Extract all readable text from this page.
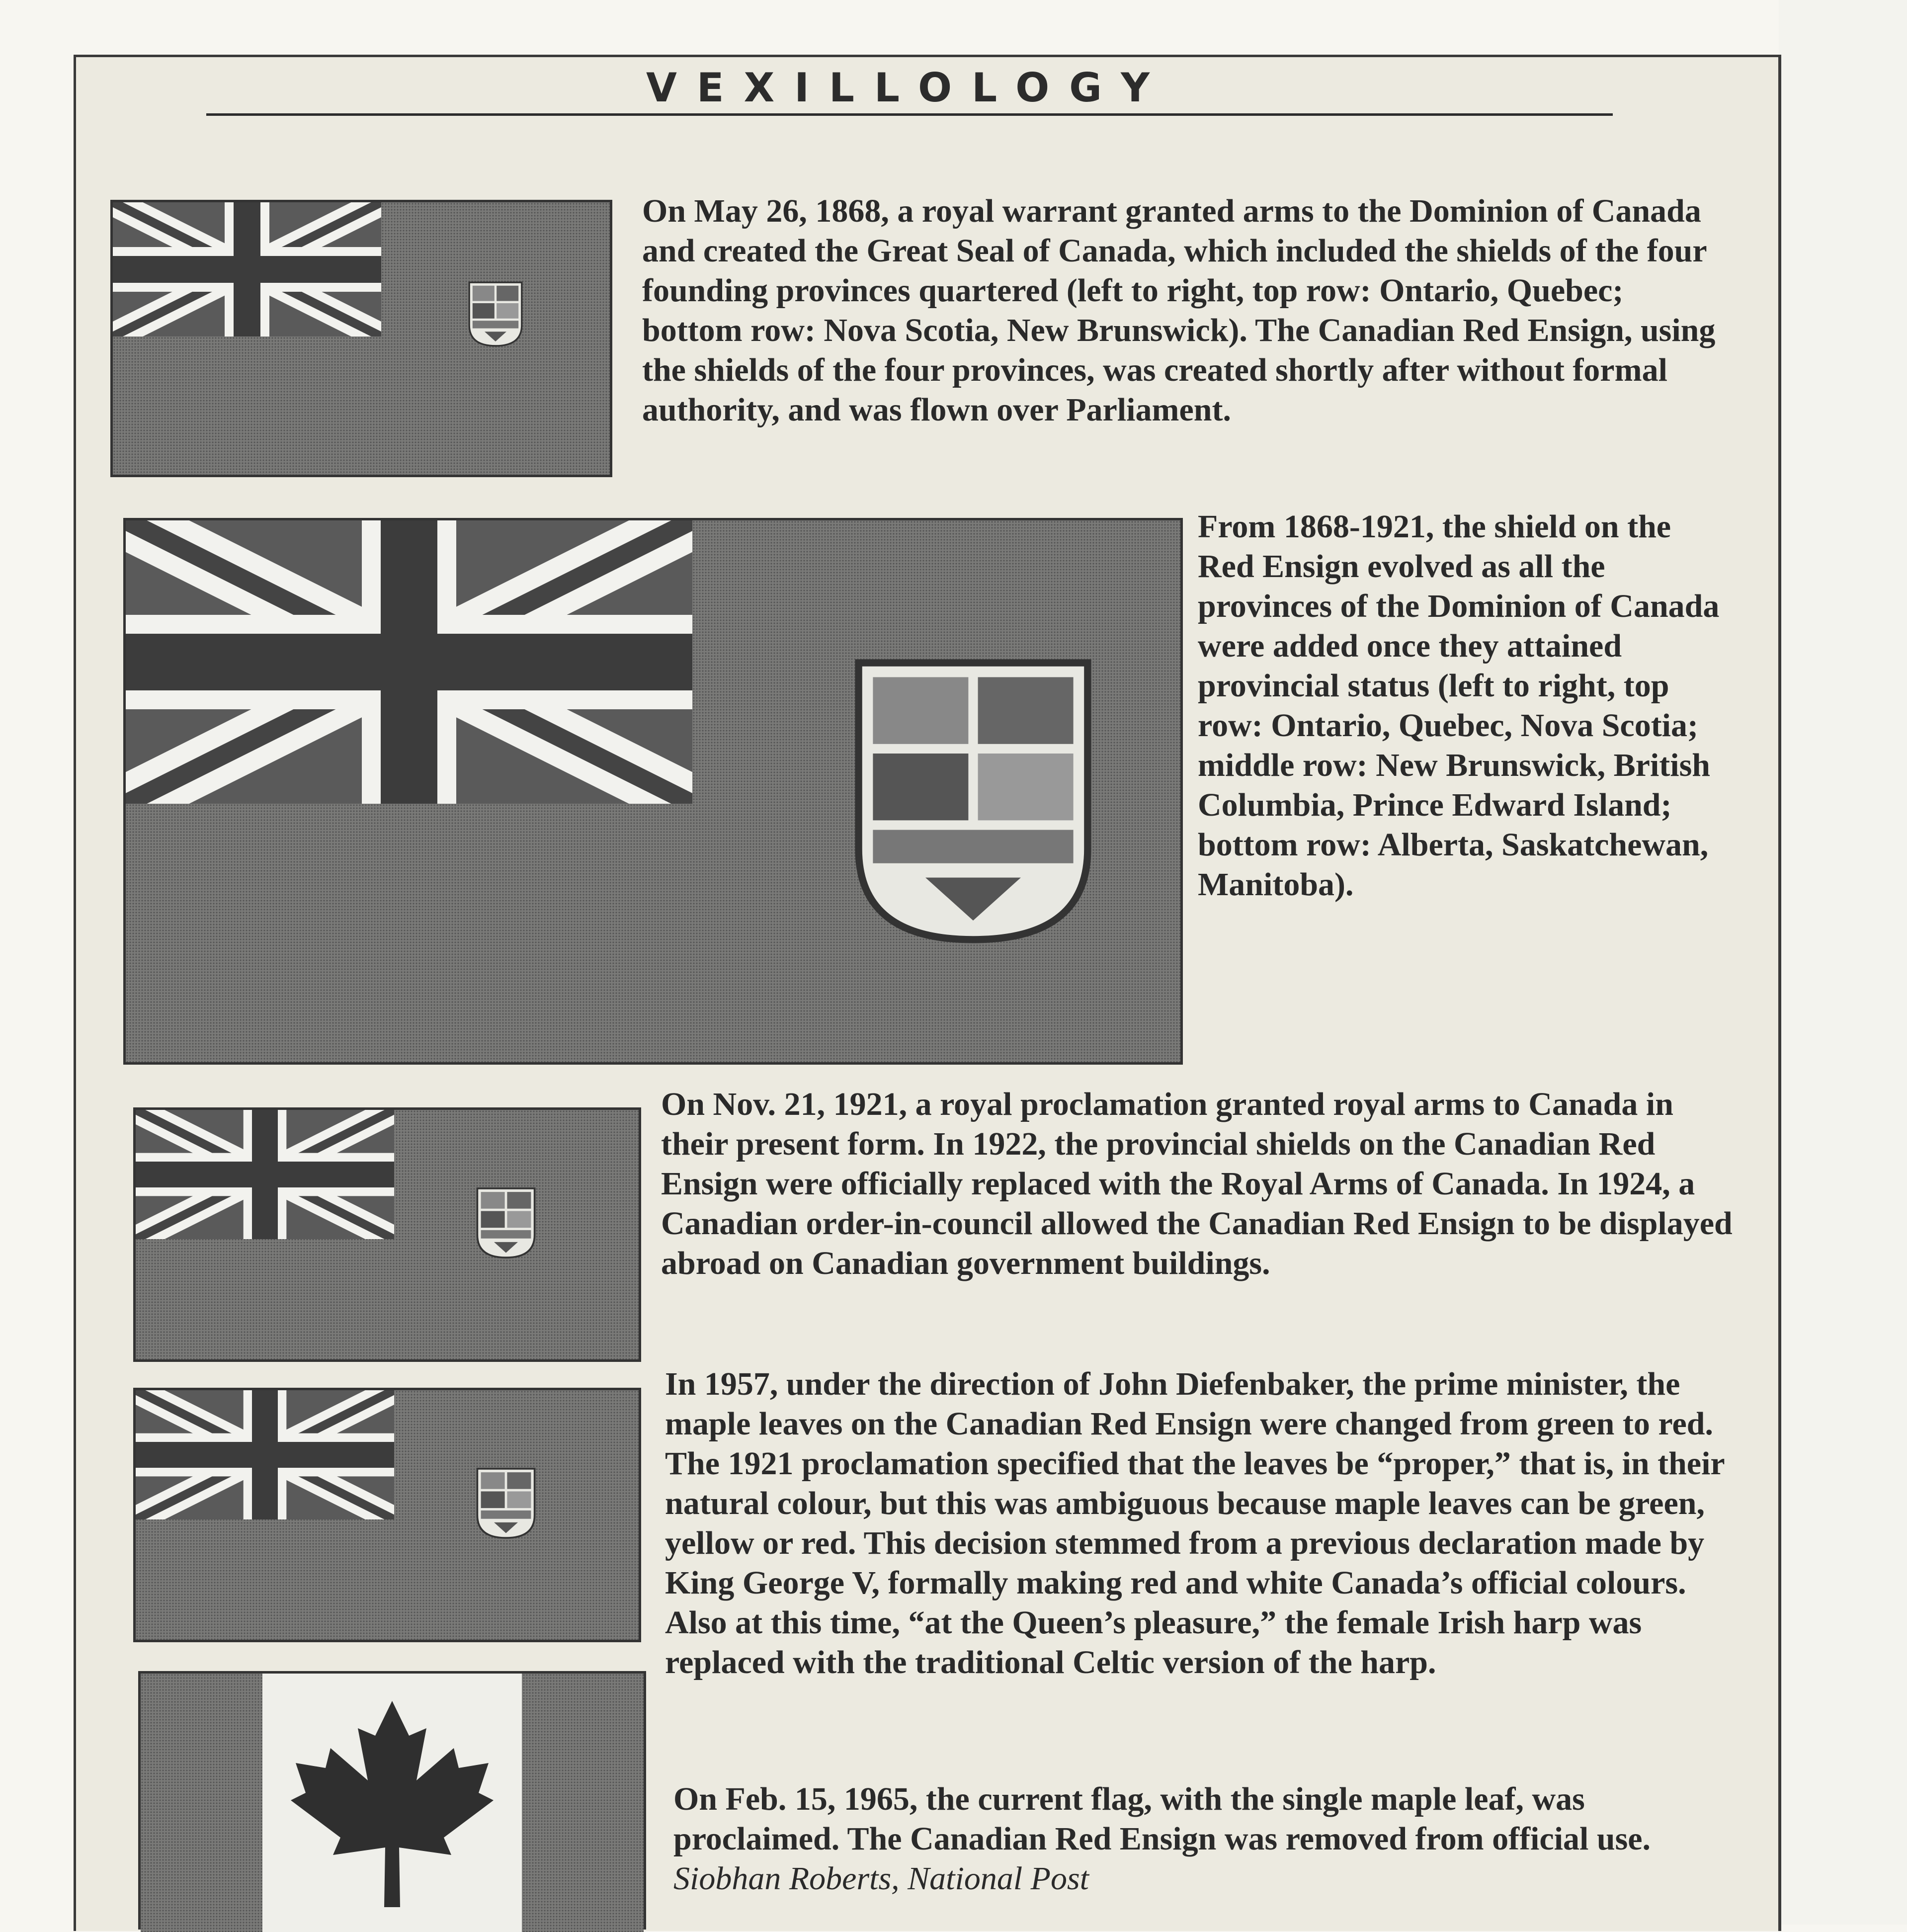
VEXILLOLOGY

On May 26, 1868, a royal warrant granted arms to the Dominion of Canada and created the Great Seal of Canada, which included the shields of the four founding provinces quartered (left to right, top row: Ontario, Quebec; bottom row: Nova Scotia, New Brunswick). The Canadian Red Ensign, using the shields of the four provinces, was created shortly after without formal authority, and was flown over Parliament.

From 1868-1921, the shield on the Red Ensign evolved as all the provinces of the Dominion of Canada were added once they attained provincial status (left to right, top row: Ontario, Quebec, Nova Scotia; middle row: New Brunswick, British Columbia, Prince Edward Island; bottom row: Alberta, Saskatchewan, Manitoba).

On Nov. 21, 1921, a royal proclamation granted royal arms to Canada in their present form. In 1922, the provincial shields on the Canadian Red Ensign were officially replaced with the Royal Arms of Canada. In 1924, a Canadian order-in-council allowed the Canadian Red Ensign to be displayed abroad on Canadian government buildings.

In 1957, under the direction of John Diefenbaker, the prime minister, the maple leaves on the Canadian Red Ensign were changed from green to red. The 1921 proclamation specified that the leaves be “proper,” that is, in their natural colour, but this was ambiguous because maple leaves can be green, yellow or red. This decision stemmed from a previous declaration made by King George V, formally making red and white Canada’s official colours. Also at this time, “at the Queen’s pleasure,” the female Irish harp was replaced with the traditional Celtic version of the harp.

On Feb. 15, 1965, the current flag, with the single maple leaf, was proclaimed. The Canadian Red Ensign was removed from official use. Siobhan Roberts, National Post
